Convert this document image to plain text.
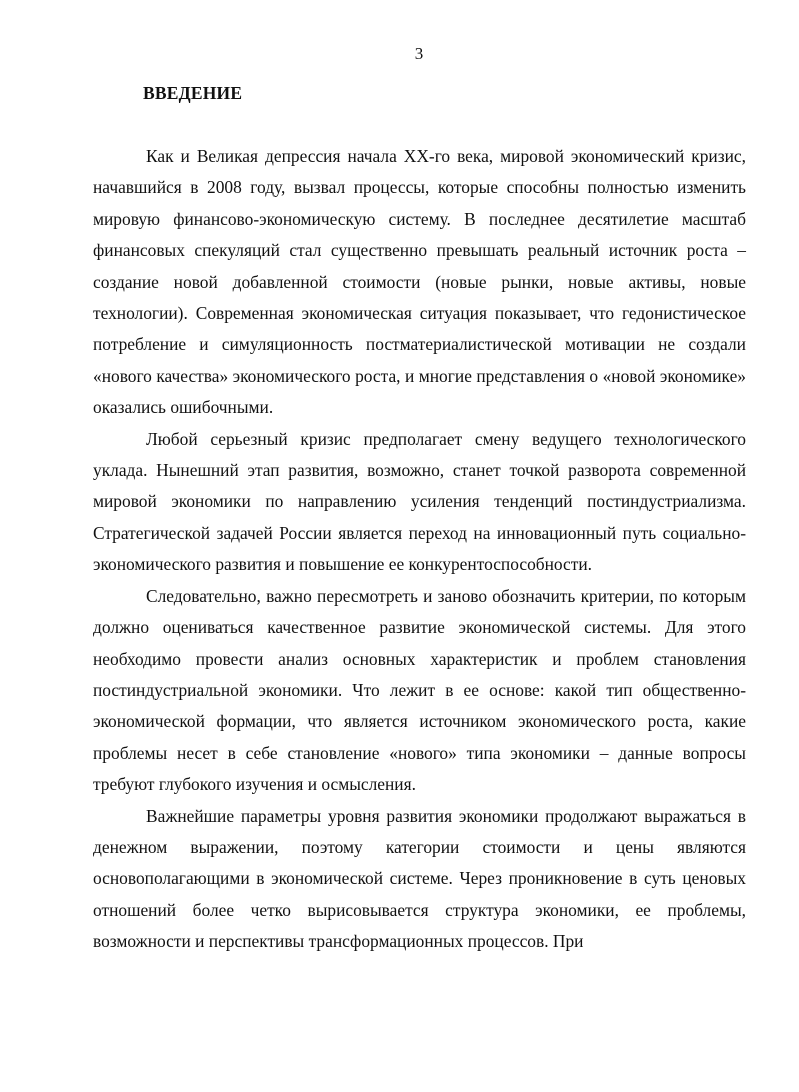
3
ВВЕДЕНИЕ

Как и Великая депрессия начала XX-го века, мировой экономический кризис, начавшийся в 2008 году, вызвал процессы, которые способны полностью изменить мировую финансово-экономическую систему. В последнее десятилетие масштаб финансовых спекуляций стал существенно превышать реальный источник роста – создание новой добавленной стоимости (новые рынки, новые активы, новые технологии). Современная экономическая ситуация показывает, что гедонистическое потребление и симуляционность постматериалистической мотивации не создали «нового качества» экономического роста, и многие представления о «новой экономике» оказались ошибочными.

Любой серьезный кризис предполагает смену ведущего технологического уклада. Нынешний этап развития, возможно, станет точкой разворота современной мировой экономики по направлению усиления тенденций постиндустриализма. Стратегической задачей России является переход на инновационный путь социально-экономического развития и повышение ее конкурентоспособности.

Следовательно, важно пересмотреть и заново обозначить критерии, по которым должно оцениваться качественное развитие экономической системы. Для этого необходимо провести анализ основных характеристик и проблем становления постиндустриальной экономики. Что лежит в ее основе: какой тип общественно-экономической формации, что является источником экономического роста, какие проблемы несет в себе становление «нового» типа экономики – данные вопросы требуют глубокого изучения и осмысления.

Важнейшие параметры уровня развития экономики продолжают выражаться в денежном выражении, поэтому категории стоимости и цены являются основополагающими в экономической системе. Через проникновение в суть ценовых отношений более четко вырисовывается структура экономики, ее проблемы, возможности и перспективы трансформационных процессов. При
